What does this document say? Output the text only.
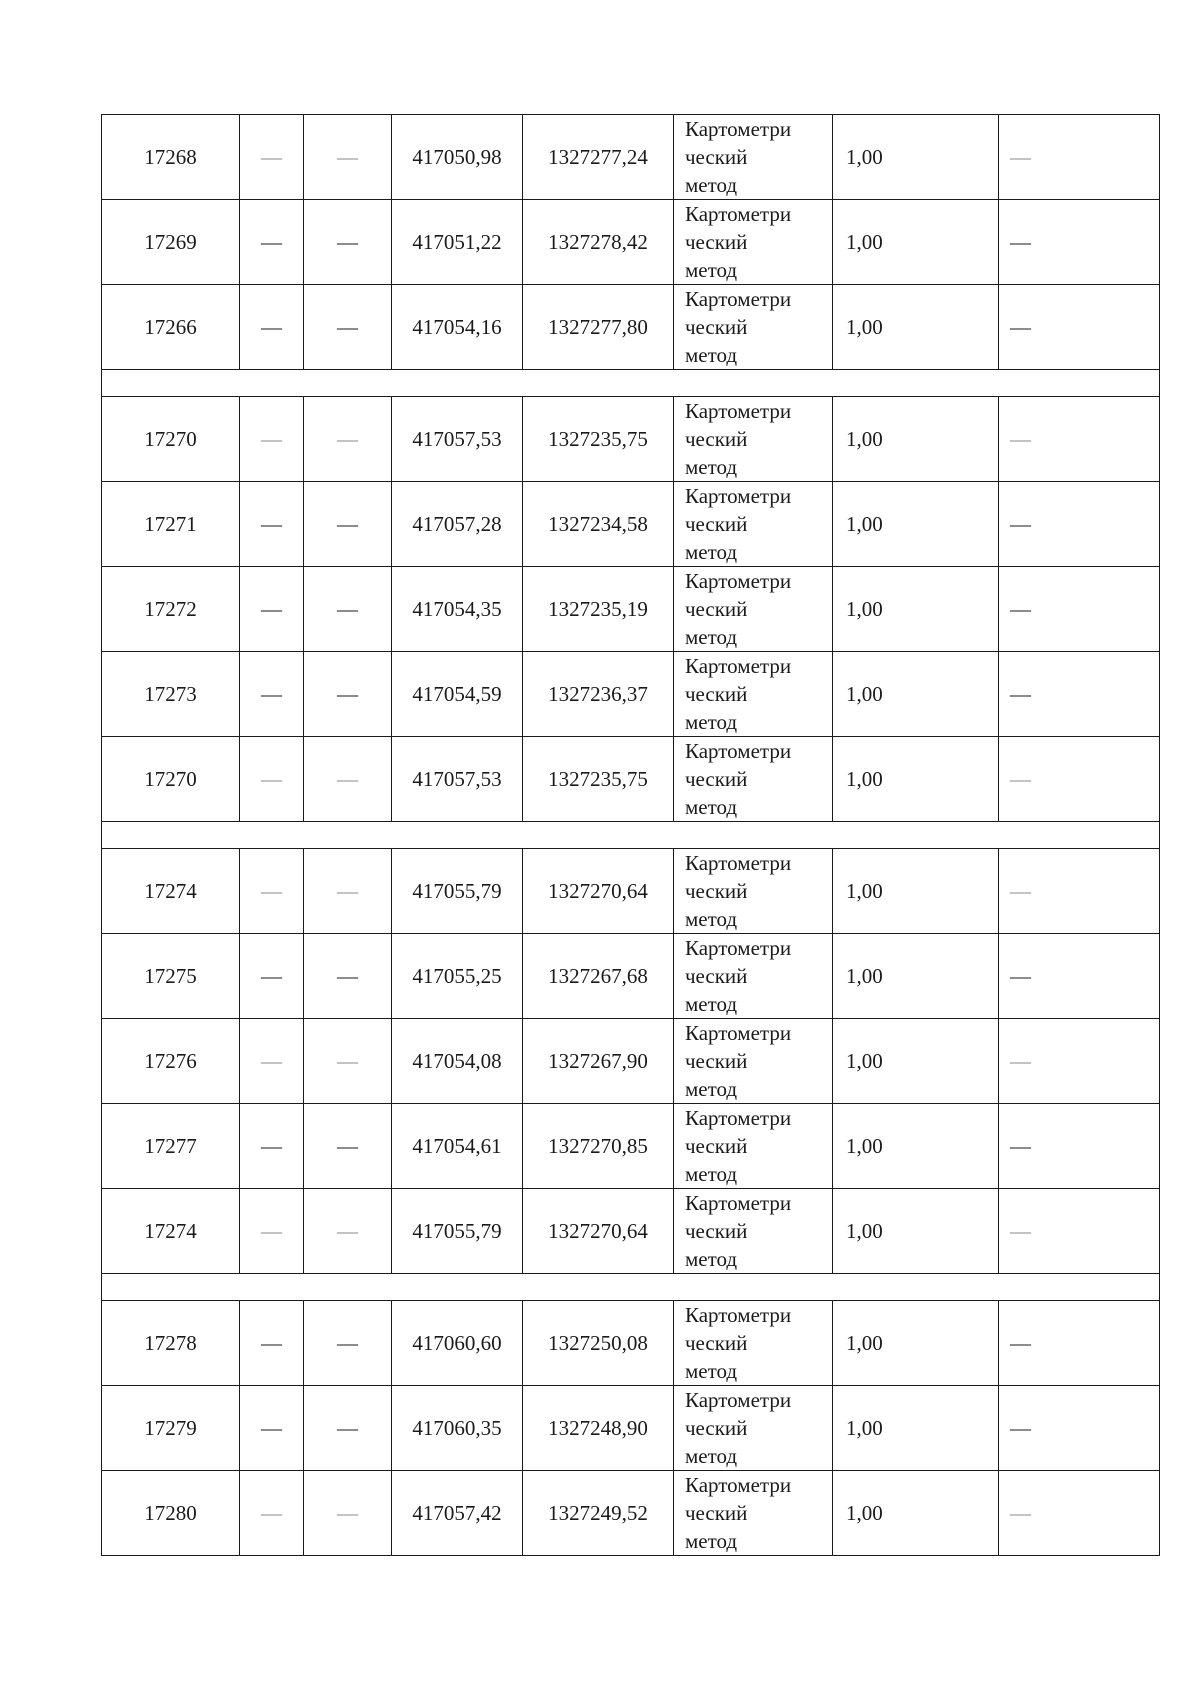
17268	—	—	417050,98	1327277,24	Картометри
ческий
метод	1,00	—
17269	—	—	417051,22	1327278,42	Картометри
ческий
метод	1,00	—
17266	—	—	417054,16	1327277,80	Картометри
ческий
метод	1,00	—

17270	—	—	417057,53	1327235,75	Картометри
ческий
метод	1,00	—
17271	—	—	417057,28	1327234,58	Картометри
ческий
метод	1,00	—
17272	—	—	417054,35	1327235,19	Картометри
ческий
метод	1,00	—
17273	—	—	417054,59	1327236,37	Картометри
ческий
метод	1,00	—
17270	—	—	417057,53	1327235,75	Картометри
ческий
метод	1,00	—

17274	—	—	417055,79	1327270,64	Картометри
ческий
метод	1,00	—
17275	—	—	417055,25	1327267,68	Картометри
ческий
метод	1,00	—
17276	—	—	417054,08	1327267,90	Картометри
ческий
метод	1,00	—
17277	—	—	417054,61	1327270,85	Картометри
ческий
метод	1,00	—
17274	—	—	417055,79	1327270,64	Картометри
ческий
метод	1,00	—

17278	—	—	417060,60	1327250,08	Картометри
ческий
метод	1,00	—
17279	—	—	417060,35	1327248,90	Картометри
ческий
метод	1,00	—
17280	—	—	417057,42	1327249,52	Картометри
ческий
метод	1,00	—
